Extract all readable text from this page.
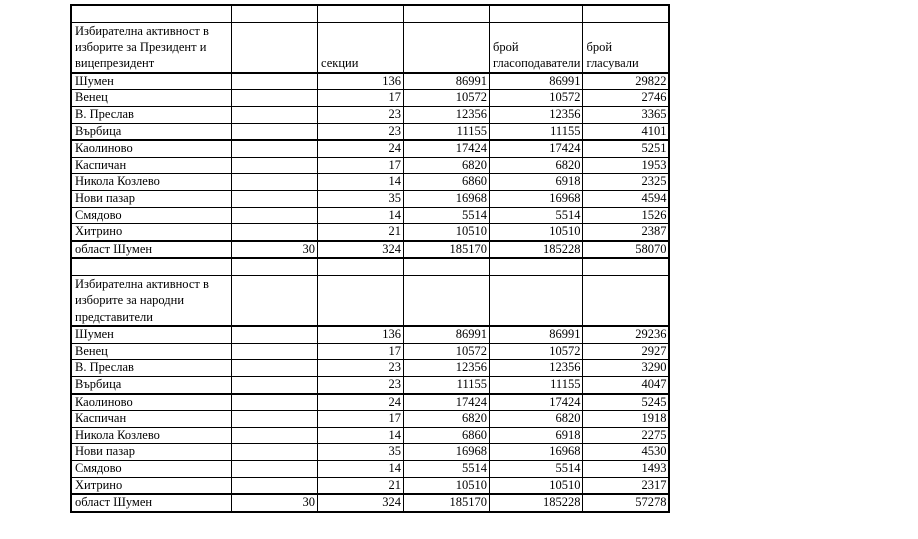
Избирателна активност в изборите за Президент и вицепрезидент		секции		брой гласоподаватели	брой гласували
Шумен		136	86991	86991	29822
Венец		17	10572	10572	2746
В. Преслав		23	12356	12356	3365
Върбица		23	11155	11155	4101
Каолиново		24	17424	17424	5251
Каспичан		17	6820	6820	1953
Никола Козлево		14	6860	6918	2325
Нови пазар		35	16968	16968	4594
Смядово		14	5514	5514	1526
Хитрино		21	10510	10510	2387
област Шумен	30	324	185170	185228	58070

Избирателна активност в изборите за народни представители					
Шумен		136	86991	86991	29236
Венец		17	10572	10572	2927
В. Преслав		23	12356	12356	3290
Върбица		23	11155	11155	4047
Каолиново		24	17424	17424	5245
Каспичан		17	6820	6820	1918
Никола Козлево		14	6860	6918	2275
Нови пазар		35	16968	16968	4530
Смядово		14	5514	5514	1493
Хитрино		21	10510	10510	2317
област Шумен	30	324	185170	185228	57278
